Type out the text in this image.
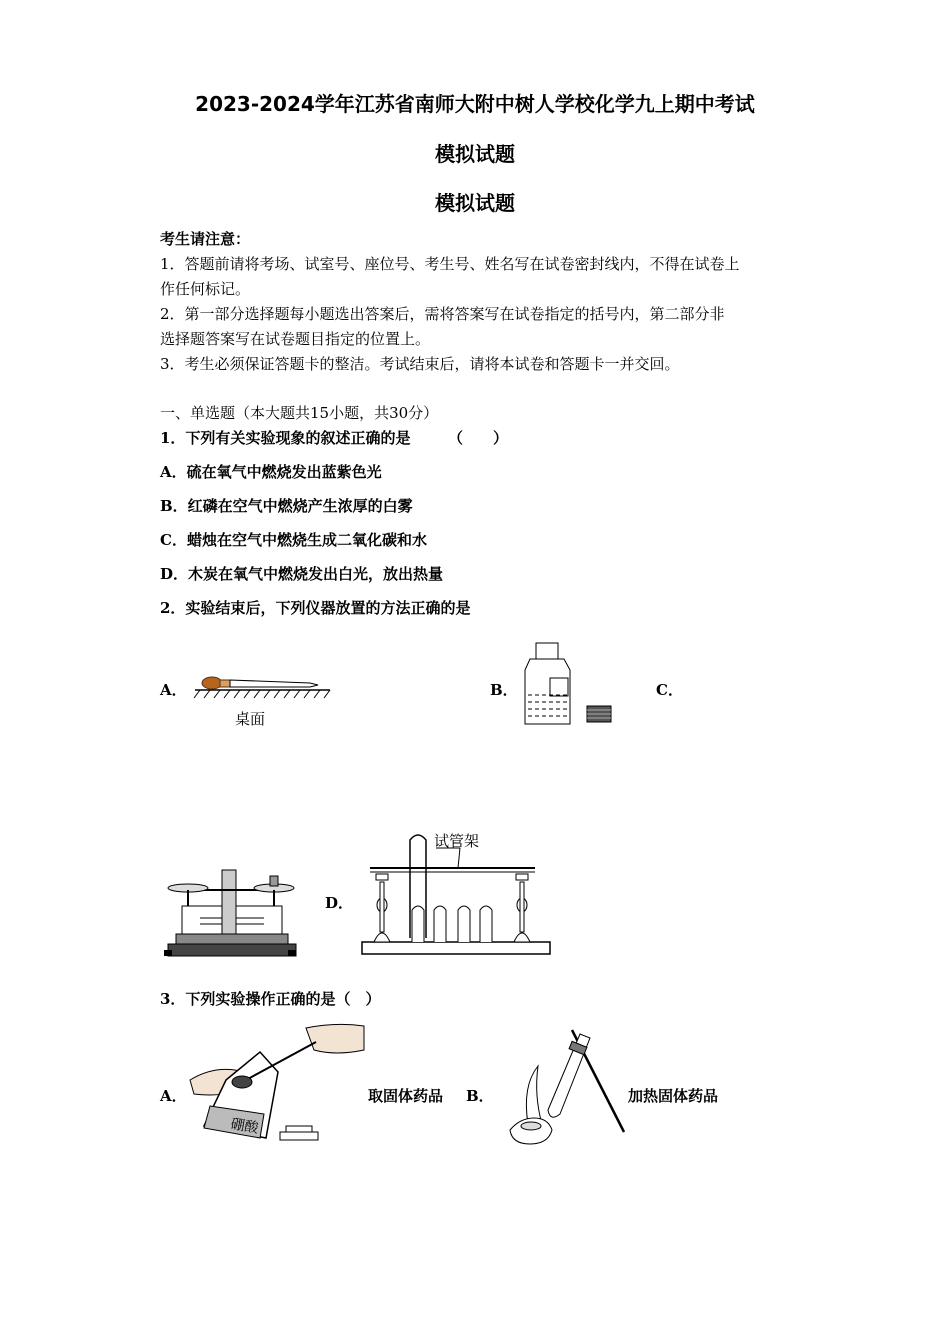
2023-2024学年江苏省南师大附中树人学校化学九上期中考试
模拟试题
模拟试题
考生请注意：
1．答题前请将考场、试室号、座位号、考生号、姓名写在试卷密封线内，不得在试卷上
作任何标记。
2．第一部分选择题每小题选出答案后，需将答案写在试卷指定的括号内，第二部分非
选择题答案写在试卷题目指定的位置上。
3．考生必须保证答题卡的整洁。考试结束后，请将本试卷和答题卡一并交回。
一、单选题（本大题共15小题，共30分）
1．下列有关实验现象的叙述正确的是　　　（　　）
A．硫在氧气中燃烧发出蓝紫色光
B．红磷在空气中燃烧产生浓厚的白雾
C．蜡烛在空气中燃烧生成二氧化碳和水
D．木炭在氧气中燃烧发出白光，放出热量
2．实验结束后，下列仪器放置的方法正确的是
A．
桌面
B．	C．
D．
试管架
3．下列实验操作正确的是（　）
A．
硼酸
取固体药品 B．	加热固体药品
